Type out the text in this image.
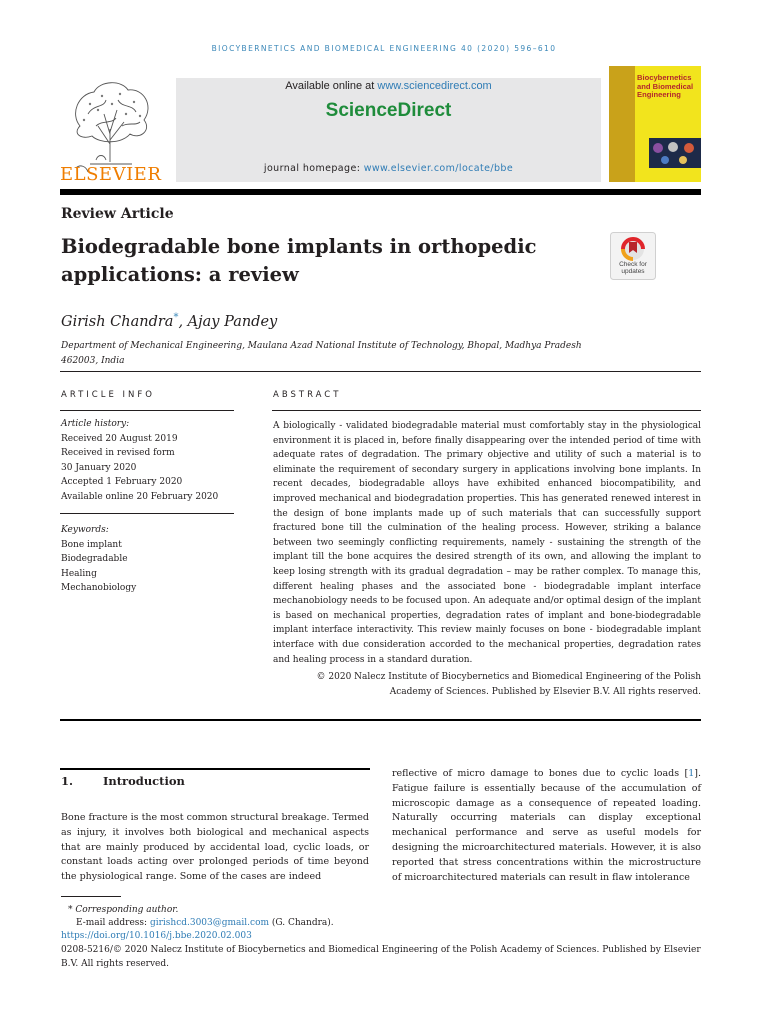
BIOCYBERNETICS AND BIOMEDICAL ENGINEERING 40 (2020) 596–610
ELSEVIER
Available online at www.sciencedirect.com
ScienceDirect
journal homepage: www.elsevier.com/locate/bbe
Biocybernetics
and Biomedical
Engineering
Review Article
Biodegradable bone implants in orthopedic
applications: a review	Check for
updates
Girish Chandra*, Ajay Pandey
Department of Mechanical Engineering, Maulana Azad National Institute of Technology, Bhopal, Madhya Pradesh
462003, India
ARTICLE INFO
Article history:
Received 20 August 2019
Received in revised form
30 January 2020
Accepted 1 February 2020
Available online 20 February 2020
Keywords:
Bone implant
Biodegradable
Healing
Mechanobiology
ABSTRACT

A biologically - validated biodegradable material must comfortably stay in the physiological environment it is placed in, before finally disappearing over the intended period of time with adequate rates of degradation. The primary objective and utility of such a material is to eliminate the requirement of secondary surgery in applications involving bone implants. In recent decades, biodegradable alloys have exhibited enhanced biocompatibility, and improved mechanical and biodegradation properties. This has generated renewed interest in the design of bone implants made up of such materials that can successfully support fractured bone till the culmination of the healing process. However, striking a balance between two seemingly conflicting requirements, namely - sustaining the strength of the implant till the bone acquires the desired strength of its own, and allowing the implant to keep losing strength with its gradual degradation – may be rather complex. To manage this, different healing phases and the associated bone - biodegradable implant interface mechanobiology needs to be focused upon. An adequate and/or optimal design of the implant is based on mechanical properties, degradation rates of implant and bone-biodegradable implant interface interactivity. This review mainly focuses on bone - biodegradable implant interface with due consideration accorded to the mechanical properties, degradation rates and healing process in a standard duration.

© 2020 Nalecz Institute of Biocybernetics and Biomedical Engineering of the Polish
Academy of Sciences. Published by Elsevier B.V. All rights reserved.
1.	Introduction
Bone fracture is the most common structural breakage. Termed as injury, it involves both biological and mechanical aspects that are mainly produced by accidental load, cyclic loads, or constant loads acting over prolonged periods of time beyond the physiological range. Some of the cases are indeed
reflective of micro damage to bones due to cyclic loads [1]. Fatigue failure is essentially because of the accumulation of microscopic damage as a consequence of repeated loading. Naturally occurring materials can display exceptional mechanical performance and serve as useful models for designing the microarchitectured materials. However, it is also reported that stress concentrations within the microstructure of microarchitectured materials can result in flaw intolerance
* Corresponding author.
E-mail address: girishcd.3003@gmail.com (G. Chandra).
https://doi.org/10.1016/j.bbe.2020.02.003
0208-5216/© 2020 Nalecz Institute of Biocybernetics and Biomedical Engineering of the Polish Academy of Sciences. Published by Elsevier
B.V. All rights reserved.
